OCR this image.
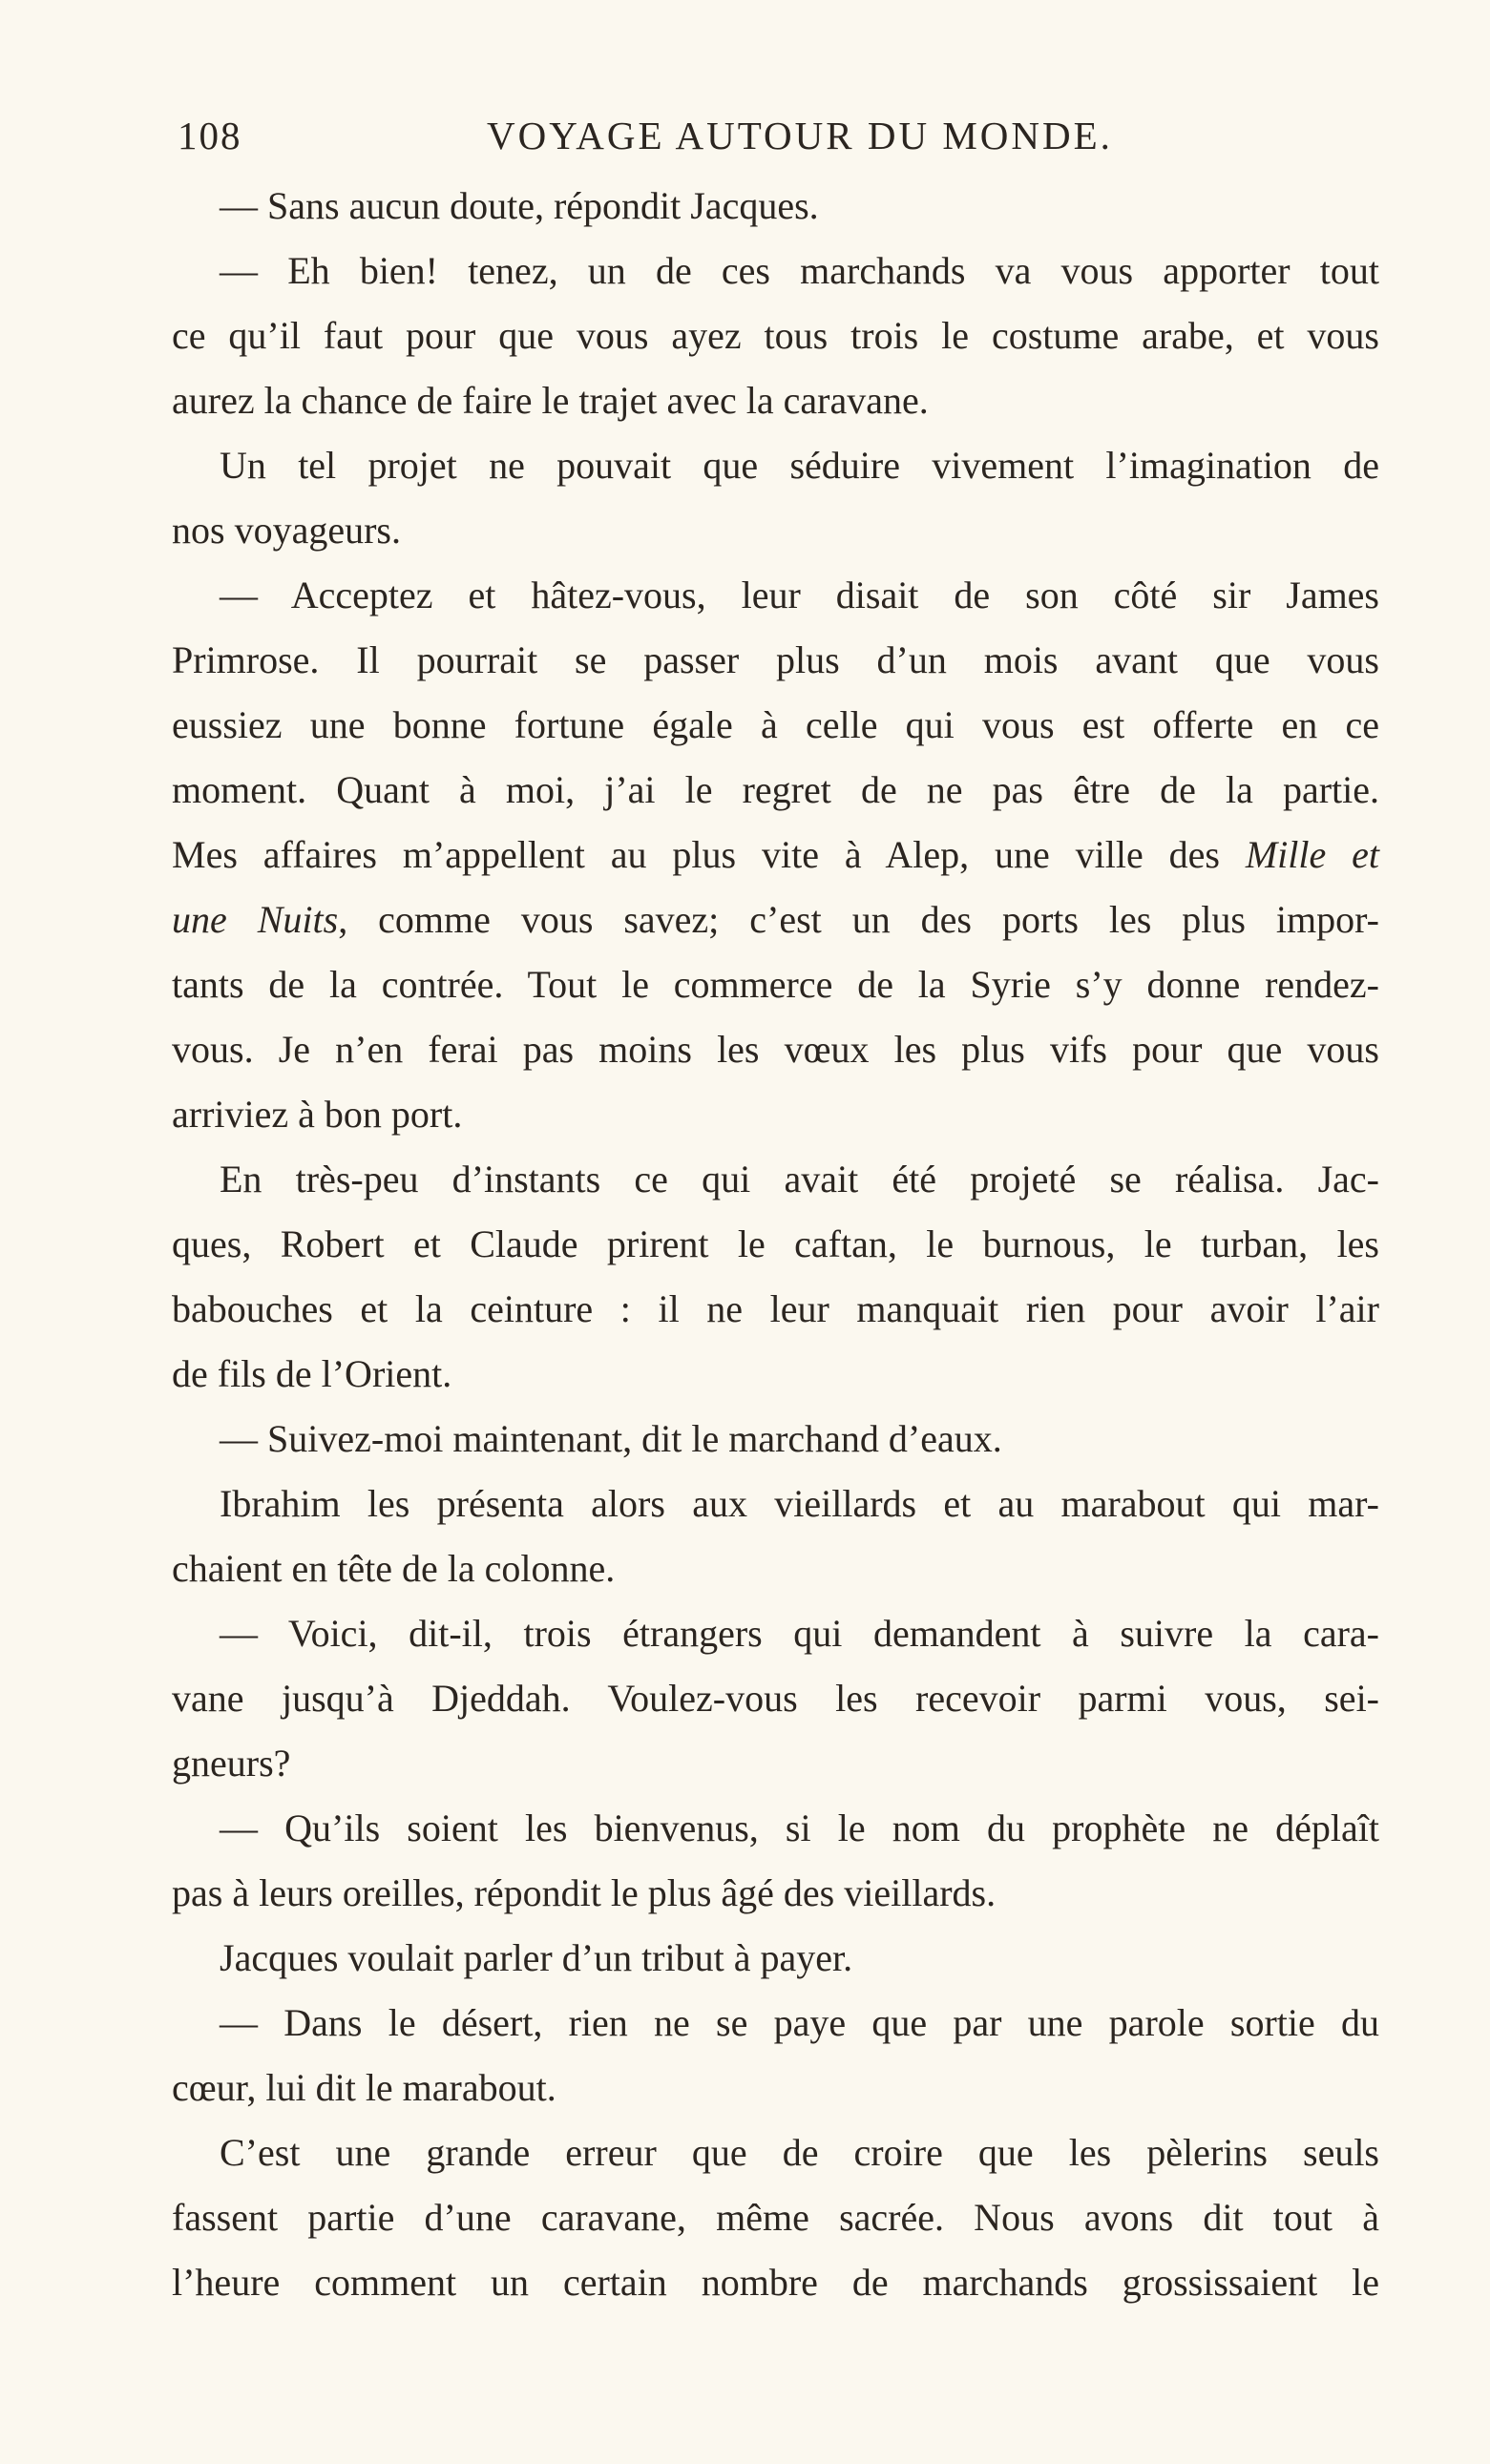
108	VOYAGE AUTOUR DU MONDE.
— Sans aucun doute, répondit Jacques.
— Eh bien! tenez, un de ces marchands va vous apporter tout
ce qu’il faut pour que vous ayez tous trois le costume arabe, et vous
aurez la chance de faire le trajet avec la caravane.
Un tel projet ne pouvait que séduire vivement l’imagination de
nos voyageurs.
— Acceptez et hâtez-vous, leur disait de son côté sir James
Primrose. Il pourrait se passer plus d’un mois avant que vous
eussiez une bonne fortune égale à celle qui vous est offerte en ce
moment. Quant à moi, j’ai le regret de ne pas être de la partie.
Mes affaires m’appellent au plus vite à Alep, une ville des Mille et
une Nuits, comme vous savez; c’est un des ports les plus impor-
tants de la contrée. Tout le commerce de la Syrie s’y donne rendez-
vous. Je n’en ferai pas moins les vœux les plus vifs pour que vous
arriviez à bon port.
En très-peu d’instants ce qui avait été projeté se réalisa. Jac-
ques, Robert et Claude prirent le caftan, le burnous, le turban, les
babouches et la ceinture : il ne leur manquait rien pour avoir l’air
de fils de l’Orient.
— Suivez-moi maintenant, dit le marchand d’eaux.
Ibrahim les présenta alors aux vieillards et au marabout qui mar-
chaient en tête de la colonne.
— Voici, dit-il, trois étrangers qui demandent à suivre la cara-
vane jusqu’à Djeddah. Voulez-vous les recevoir parmi vous, sei-
gneurs?
— Qu’ils soient les bienvenus, si le nom du prophète ne déplaît
pas à leurs oreilles, répondit le plus âgé des vieillards.
Jacques voulait parler d’un tribut à payer.
— Dans le désert, rien ne se paye que par une parole sortie du
cœur, lui dit le marabout.
C’est une grande erreur que de croire que les pèlerins seuls
fassent partie d’une caravane, même sacrée. Nous avons dit tout à
l’heure comment un certain nombre de marchands grossissaient le
